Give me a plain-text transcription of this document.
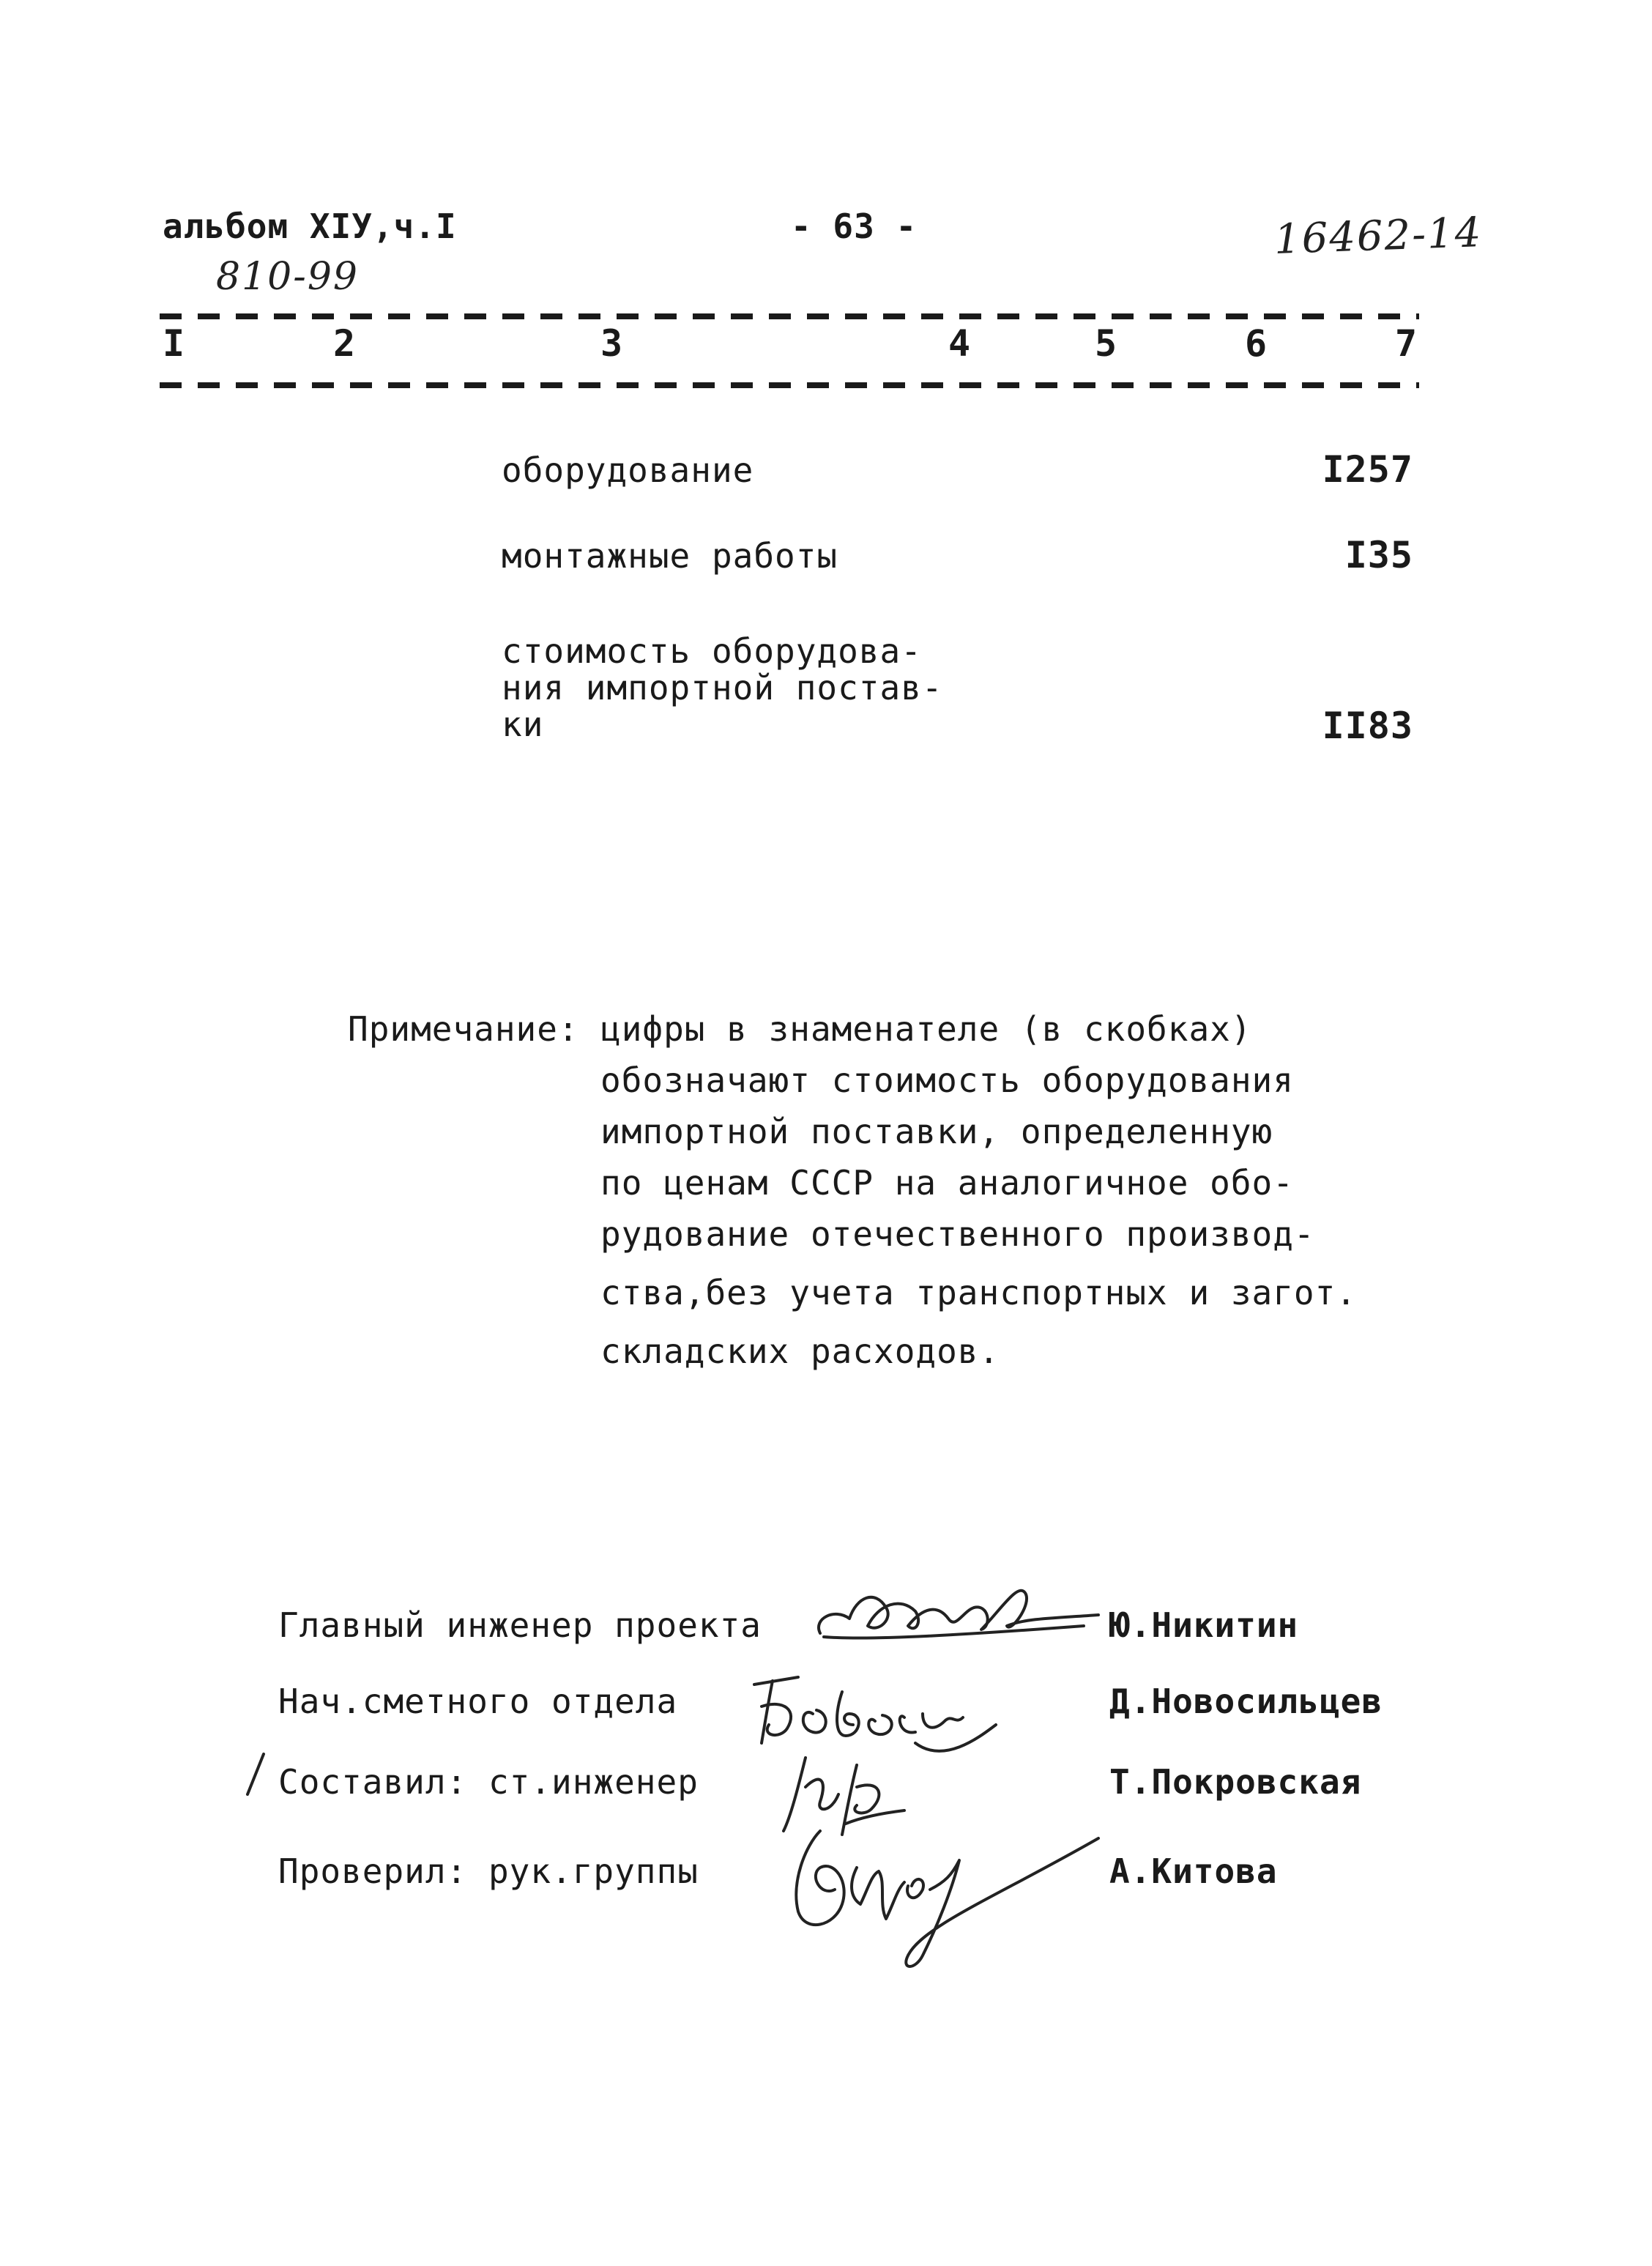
альбом XIУ,ч.I	- 63 -	16462-14
810-99
I	2	3	4	5	6	7
оборудование	I257
монтажные работы	I35
стоимость оборудова-
ния импортной постав-
ки	II83
Примечание: цифры в знаменателе (в скобках)
обозначают стоимость оборудования
импортной поставки, определенную
по ценам СССР на аналогичное обо-
рудование отечественного производ-
ства,без учета транспортных и загот.
складских расходов.
Главный инженер проекта	Ю.Никитин
Нач.сметного отдела	Д.Новосильцев
Составил: ст.инженер	Т.Покровская
Проверил: рук.группы	А.Китова
